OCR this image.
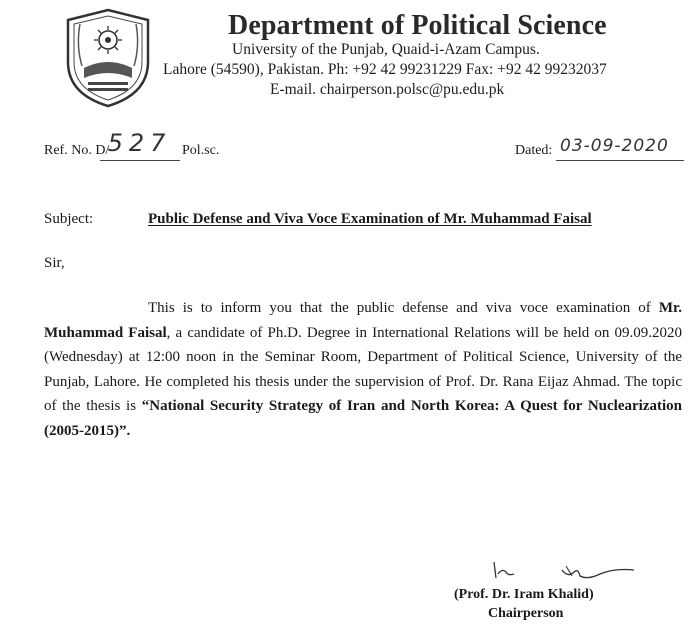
Department of Political Science
University of the Punjab, Quaid-i-Azam Campus.
Lahore (54590), Pakistan. Ph: +92 42 99231229 Fax: +92 42 99232037
E-mail. chairperson.polsc@pu.edu.pk
Ref. No. D/
527 Pol.sc.	Dated: 03-09-2020
Subject:	Public Defense and Viva Voce Examination of Mr. Muhammad Faisal
Sir,
This is to inform you that the public defense and viva voce examination of Mr. Muhammad Faisal, a candidate of Ph.D. Degree in International Relations will be held on 09.09.2020 (Wednesday) at 12:00 noon in the Seminar Room, Department of Political Science, University of the Punjab, Lahore. He completed his thesis under the supervision of Prof. Dr. Rana Eijaz Ahmad. The topic of the thesis is “National Security Strategy of Iran and North Korea: A Quest for Nuclearization (2005-2015)”.
(Prof. Dr. Iram Khalid)
Chairperson
